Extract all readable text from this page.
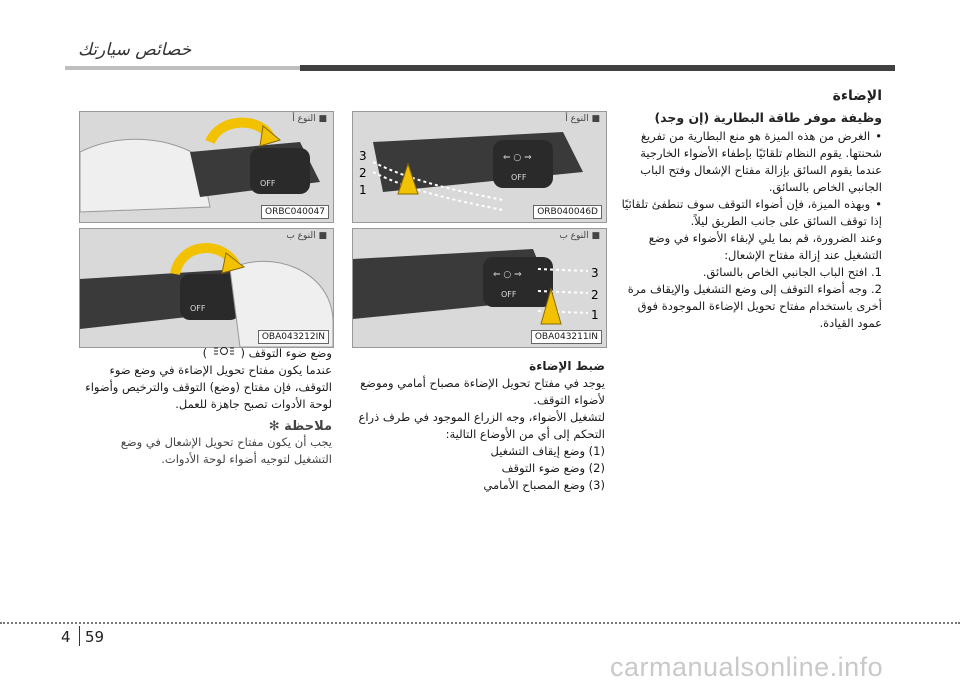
خصائص سيارتك
الإضاءة
وظيفة موفر طاقة البطارية (إن وجد)

• الغرض من هذه الميزة هو منع البطارية من تفريغ شحنتها. يقوم النظام تلقائيًا بإطفاء الأضواء الخارجية عندما يقوم السائق بإزالة مفتاح الإشعال وفتح الباب الجانبي الخاص بالسائق.

• وبهذه الميزة، فإن أضواء التوقف سوف تنطفئ تلقائيًا إذا توقف السائق على جانب الطريق ليلاً.

وعند الضرورة، قم بما يلي لإبقاء الأضواء في وضع التشغيل عند إزالة مفتاح الإشعال:

1. افتح الباب الجانبي الخاص بالسائق.
2. وجه أضواء التوقف إلى وضع التشغيل والإيقاف مرة أخرى باستخدام مفتاح تحويل الإضاءة الموجودة فوق عمود القيادة.
⇐ ○ ⇒
OFF
3
2
1
■ النوع أ
ORB040046D
⇐ ○ ⇒
OFF
3
2
1
■ النوع ب
OBA043211IN
ضبط الإضاءة

يوجد في مفتاح تحويل الإضاءة مصباح أمامي وموضع لأضواء التوقف.

لتشغيل الأضواء، وجه الزراع الموجود في طرف ذراع التحكم إلى أي من الأوضاع التالية:

(1) وضع إيقاف التشغيل
(2) وضع ضوء التوقف
(3) وضع المصباح الأمامي
OFF
■ النوع أ
ORBC040047
OFF
■ النوع ب
OBA043212IN
وضع ضوء التوقف (  )

عندما يكون مفتاح تحويل الإضاءة في وضع ضوء التوقف، فإن مفتاح (وضع) التوقف والترخيص وأضواء لوحة الأدوات تصبح جاهزة للعمل.

ملاحظة ✻

يجب أن يكون مفتاح تحويل الإشعال في وضع التشغيل لتوجيه أضواء لوحة الأدوات.

4 59
carmanualsonline.info
